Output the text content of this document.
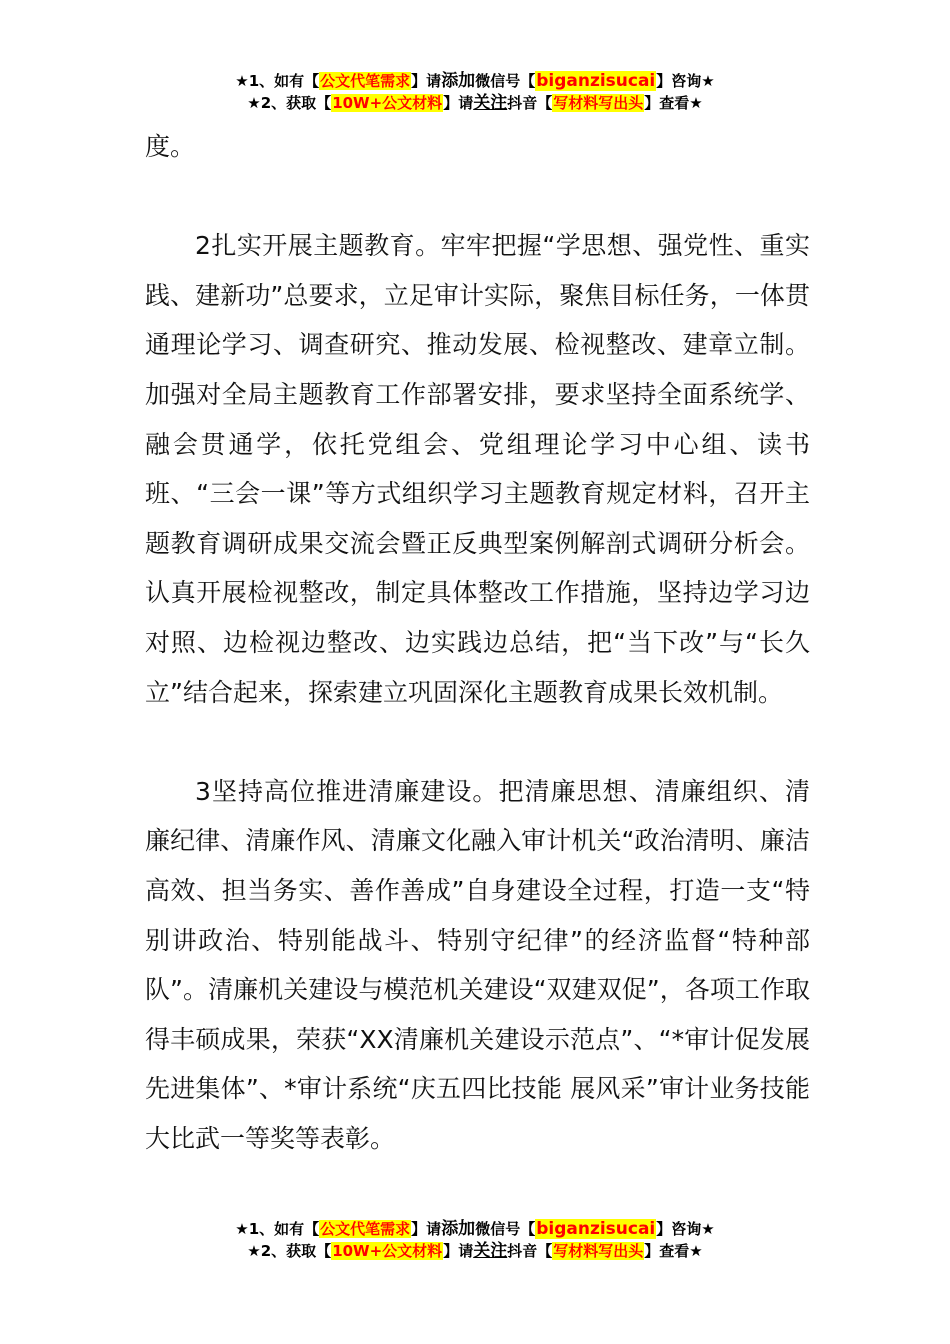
★1、如有【公文代笔需求】请添加微信号【biganzisucai】咨询★
★2、获取【10W+公文材料】请关注抖音【写材料写出头】查看★

度。

2扎实开展主题教育。牢牢把握“学思想、强党性、重实践、建新功”总要求，立足审计实际，聚焦目标任务，一体贯通理论学习、调查研究、推动发展、检视整改、建章立制。加强对全局主题教育工作部署安排，要求坚持全面系统学、融会贯通学，依托党组会、党组理论学习中心组、读书班、“三会一课”等方式组织学习主题教育规定材料，召开主题教育调研成果交流会暨正反典型案例解剖式调研分析会。认真开展检视整改，制定具体整改工作措施，坚持边学习边对照、边检视边整改、边实践边总结，把“当下改”与“长久立”结合起来，探索建立巩固深化主题教育成果长效机制。

3坚持高位推进清廉建设。把清廉思想、清廉组织、清廉纪律、清廉作风、清廉文化融入审计机关“政治清明、廉洁高效、担当务实、善作善成”自身建设全过程，打造一支“特别讲政治、特别能战斗、特别守纪律”的经济监督“特种部队”。清廉机关建设与模范机关建设“双建双促”，各项工作取得丰硕成果，荣获“XX清廉机关建设示范点”、“*审计促发展先进集体”、*审计系统“庆五四比技能 展风采”审计业务技能大比武一等奖等表彰。

★1、如有【公文代笔需求】请添加微信号【biganzisucai】咨询★
★2、获取【10W+公文材料】请关注抖音【写材料写出头】查看★
